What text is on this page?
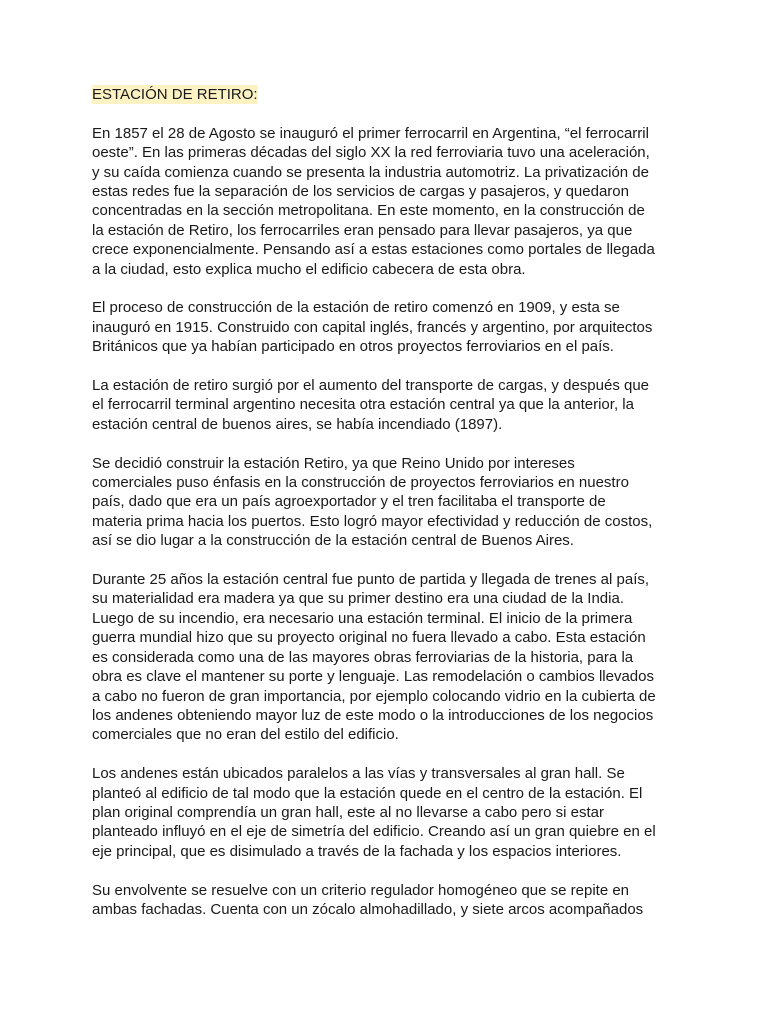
ESTACIÓN DE RETIRO:

En 1857 el 28 de Agosto se inauguró el primer ferrocarril en Argentina, “el ferrocarril
oeste”. En las primeras décadas del siglo XX la red ferroviaria tuvo una aceleración,
y su caída comienza cuando se presenta la industria automotriz. La privatización de
estas redes fue la separación de los servicios de cargas y pasajeros, y quedaron
concentradas en la sección metropolitana. En este momento, en la construcción de
la estación de Retiro, los ferrocarriles eran pensado para llevar pasajeros, ya que
crece exponencialmente. Pensando así a estas estaciones como portales de llegada
a la ciudad, esto explica mucho el edificio cabecera de esta obra.

El proceso de construcción de la estación de retiro comenzó en 1909, y esta se
inauguró en 1915. Construido con capital inglés, francés y argentino, por arquitectos
Británicos que ya habían participado en otros proyectos ferroviarios en el país.

La estación de retiro surgió por el aumento del transporte de cargas, y después que
el ferrocarril terminal argentino necesita otra estación central ya que la anterior, la
estación central de buenos aires, se había incendiado (1897).

Se decidió construir la estación Retiro, ya que Reino Unido por intereses
comerciales puso énfasis en la construcción de proyectos ferroviarios en nuestro
país, dado que era un país agroexportador y el tren facilitaba el transporte de
materia prima hacia los puertos. Esto logró mayor efectividad y reducción de costos,
así se dio lugar a la construcción de la estación central de Buenos Aires.

Durante 25 años la estación central fue punto de partida y llegada de trenes al país,
su materialidad era madera ya que su primer destino era una ciudad de la India.
Luego de su incendio, era necesario una estación terminal. El inicio de la primera
guerra mundial hizo que su proyecto original no fuera llevado a cabo. Esta estación
es considerada como una de las mayores obras ferroviarias de la historia, para la
obra es clave el mantener su porte y lenguaje. Las remodelación o cambios llevados
a cabo no fueron de gran importancia, por ejemplo colocando vidrio en la cubierta de
los andenes obteniendo mayor luz de este modo o la introducciones de los negocios
comerciales que no eran del estilo del edificio.

Los andenes están ubicados paralelos a las vías y transversales al gran hall. Se
planteó al edificio de tal modo que la estación quede en el centro de la estación. El
plan original comprendía un gran hall, este al no llevarse a cabo pero si estar
planteado influyó en el eje de simetría del edificio. Creando así un gran quiebre en el
eje principal, que es disimulado a través de la fachada y los espacios interiores.

Su envolvente se resuelve con un criterio regulador homogéneo que se repite en
ambas fachadas. Cuenta con un zócalo almohadillado, y siete arcos acompañados
